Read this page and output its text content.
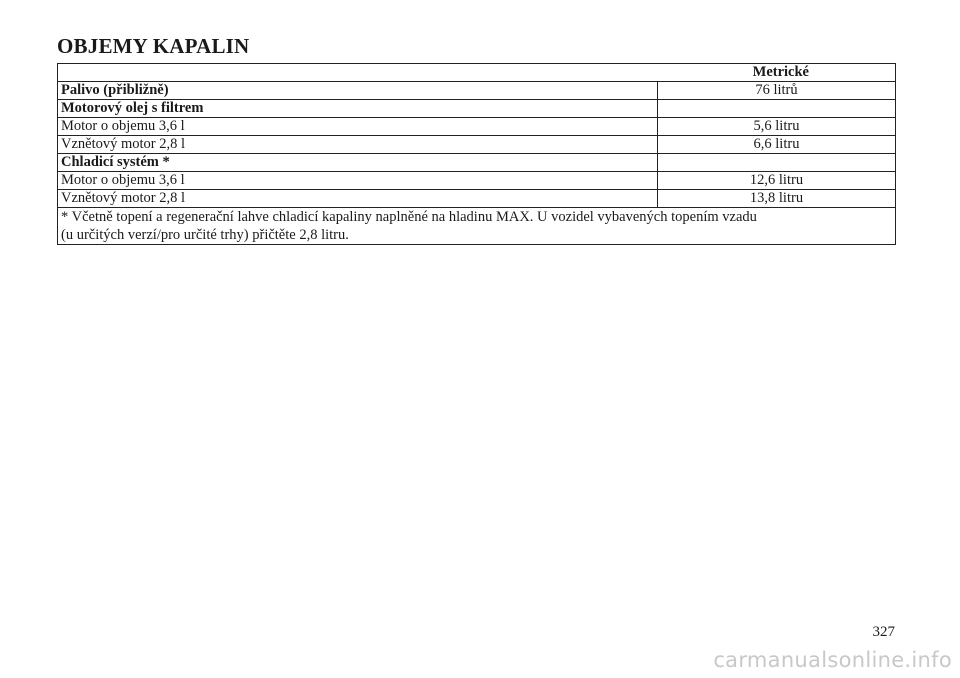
OBJEMY KAPALIN
Metrické	
Palivo (přibližně)	76 litrů
Motorový olej s filtrem	
Motor o objemu 3,6 l	5,6 litru
Vznětový motor 2,8 l	6,6 litru
Chladicí systém *	
Motor o objemu 3,6 l	12,6 litru
Vznětový motor 2,8 l	13,8 litru
* Včetně topení a regenerační lahve chladicí kapaliny naplněné na hladinu MAX. U vozidel vybavených topením vzadu
(u určitých verzí/pro určité trhy) přičtěte 2,8 litru.	
327
carmanualsonline.info
